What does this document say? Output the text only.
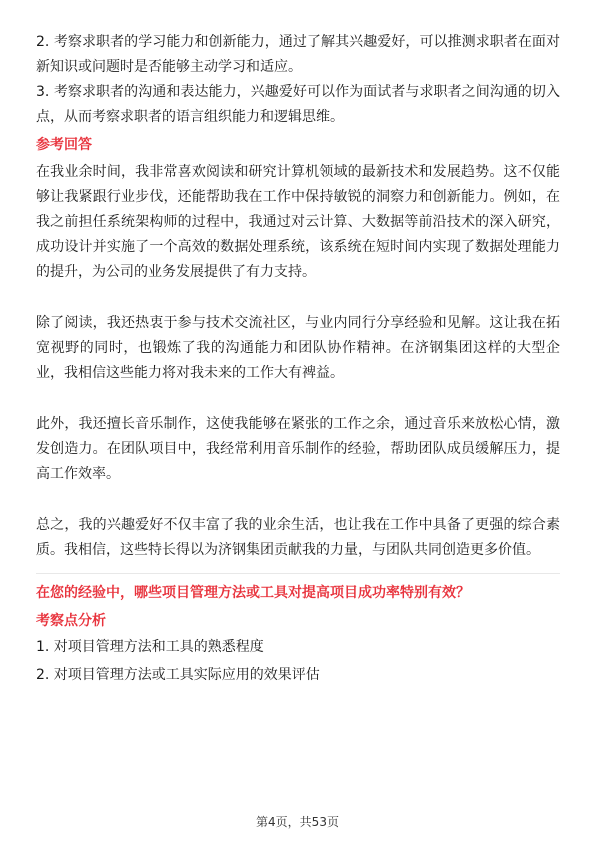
2. 考察求职者的学习能力和创新能力，通过了解其兴趣爱好，可以推测求职者在面对新知识或问题时是否能够主动学习和适应。

3. 考察求职者的沟通和表达能力，兴趣爱好可以作为面试者与求职者之间沟通的切入点，从而考察求职者的语言组织能力和逻辑思维。

参考回答

在我业余时间，我非常喜欢阅读和研究计算机领域的最新技术和发展趋势。这不仅能够让我紧跟行业步伐，还能帮助我在工作中保持敏锐的洞察力和创新能力。例如，在我之前担任系统架构师的过程中，我通过对云计算、大数据等前沿技术的深入研究，成功设计并实施了一个高效的数据处理系统，该系统在短时间内实现了数据处理能力的提升，为公司的业务发展提供了有力支持。

除了阅读，我还热衷于参与技术交流社区，与业内同行分享经验和见解。这让我在拓宽视野的同时，也锻炼了我的沟通能力和团队协作精神。在济钢集团这样的大型企业，我相信这些能力将对我未来的工作大有裨益。

此外，我还擅长音乐制作，这使我能够在紧张的工作之余，通过音乐来放松心情，激发创造力。在团队项目中，我经常利用音乐制作的经验，帮助团队成员缓解压力，提高工作效率。

总之，我的兴趣爱好不仅丰富了我的业余生活，也让我在工作中具备了更强的综合素质。我相信，这些特长得以为济钢集团贡献我的力量，与团队共同创造更多价值。

在您的经验中，哪些项目管理方法或工具对提高项目成功率特别有效？
考察点分析
1. 对项目管理方法和工具的熟悉程度
2. 对项目管理方法或工具实际应用的效果评估
第4页，共53页
